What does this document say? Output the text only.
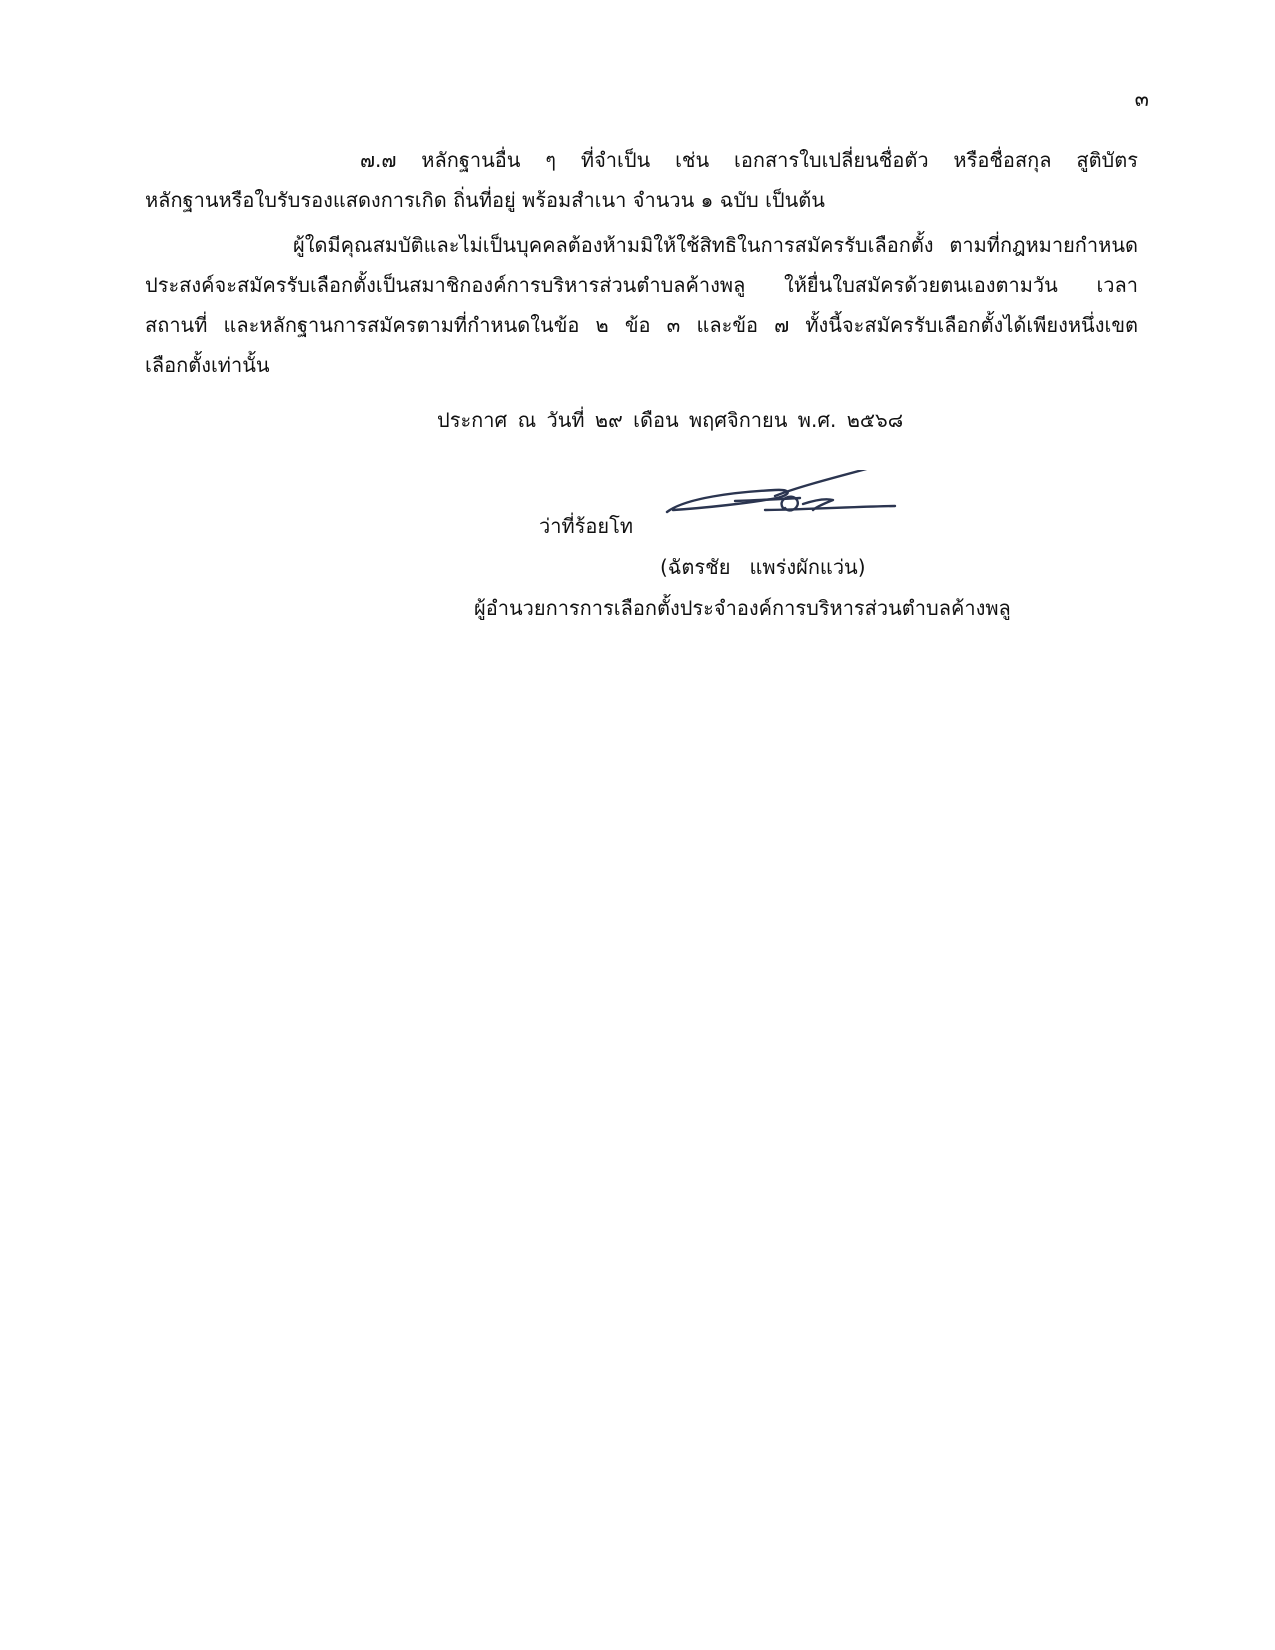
๓
๗.๗ หลักฐานอื่น ๆ ที่จำเป็น เช่น เอกสารใบเปลี่ยนชื่อตัว หรือชื่อสกุล สูติบัตร
หลักฐานหรือใบรับรองแสดงการเกิด ถิ่นที่อยู่ พร้อมสำเนา จำนวน ๑ ฉบับ เป็นต้น
ผู้ใดมีคุณสมบัติและไม่เป็นบุคคลต้องห้ามมิให้ใช้สิทธิในการสมัครรับเลือกตั้ง ตามที่กฎหมายกำหนด
ประสงค์จะสมัครรับเลือกตั้งเป็นสมาชิกองค์การบริหารส่วนตำบลค้างพลู ให้ยื่นใบสมัครด้วยตนเองตามวัน เวลา
สถานที่ และหลักฐานการสมัครตามที่กำหนดในข้อ ๒ ข้อ ๓ และข้อ ๗ ทั้งนี้จะสมัครรับเลือกตั้งได้เพียงหนึ่งเขต
เลือกตั้งเท่านั้น
ประกาศ ณ วันที่ ๒๙ เดือน พฤศจิกายน พ.ศ. ๒๕๖๘
ว่าที่ร้อยโท
(ฉัตรชัย   แพร่งผักแว่น)
ผู้อำนวยการการเลือกตั้งประจำองค์การบริหารส่วนตำบลค้างพลู
